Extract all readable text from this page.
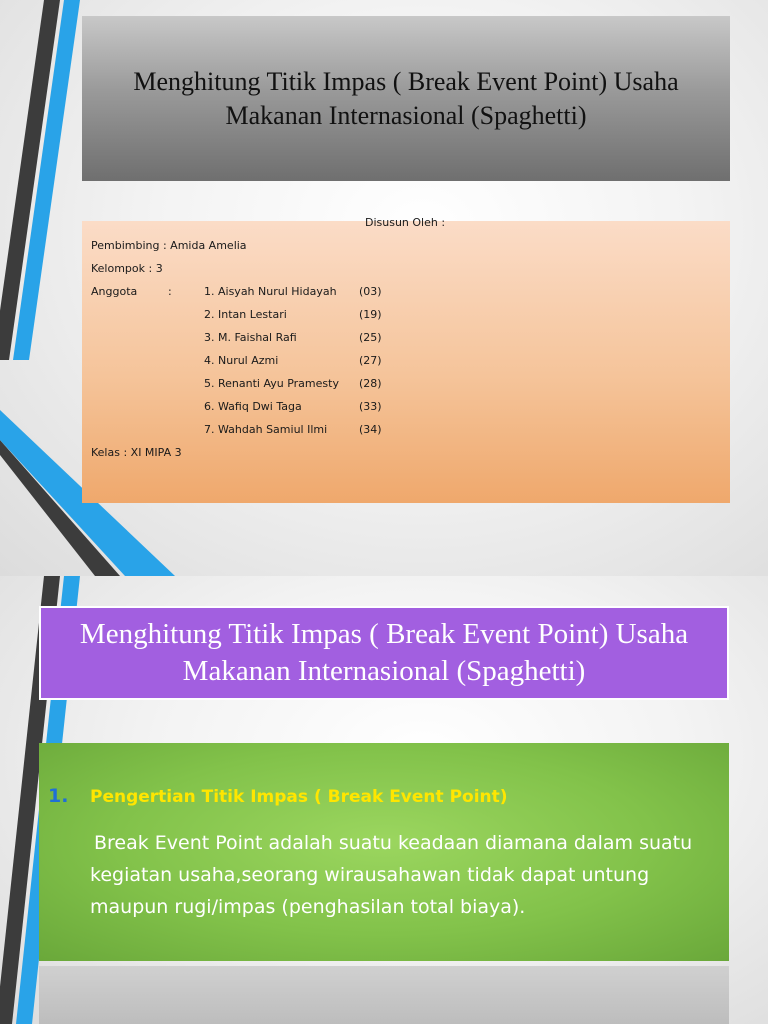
Menghitung Titik Impas ( Break Event Point) Usaha Makanan Internasional (Spaghetti)
Disusun Oleh :
Pembimbing : Amida Amelia
Kelompok : 3
Anggota	:	1. Aisyah Nurul Hidayah (03)
2. Intan Lestari	(19)
3. M. Faishal Rafi	(25)
4. Nurul Azmi	(27)
5. Renanti Ayu Pramesty (28)
6. Wafiq Dwi Taga	(33)
7. Wahdah Samiul Ilmi	(34)
Kelas : XI MIPA 3
Menghitung Titik Impas ( Break Event Point) Usaha Makanan Internasional (Spaghetti)
1. Pengertian Titik Impas ( Break Event Point)
Break Event Point adalah suatu keadaan diamana dalam suatu kegiatan usaha,seorang wirausahawan tidak dapat untung maupun rugi/impas (penghasilan total biaya).
